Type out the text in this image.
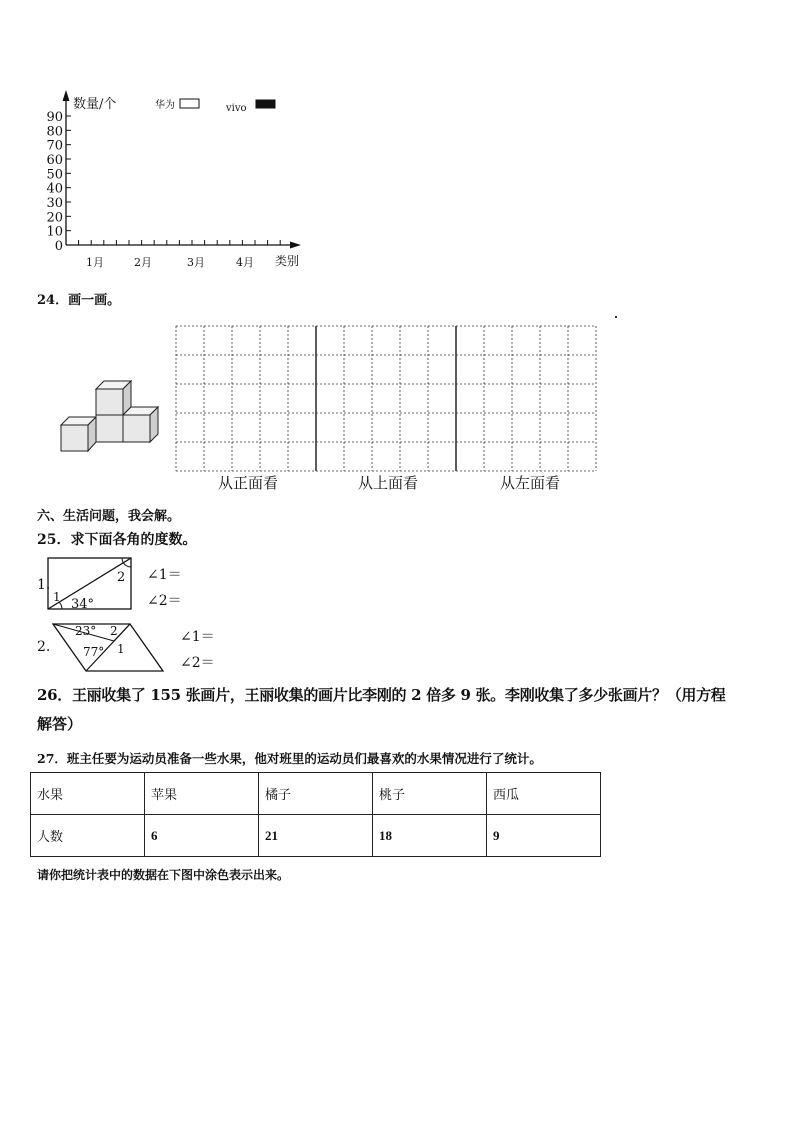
数量/个
类别
华为	vivo
0
10
20
30
40
50
60
70
80
90
1月	2月	3月	4月
24．画一画。
从正面看	从上面看	从左面看
六、生活问题，我会解。
25．求下面各角的度数。
1.	2
1 34°
∠1＝
∠2＝
2.
23° 2
77° 1
∠1＝
∠2＝
26．王丽收集了 155 张画片，王丽收集的画片比李刚的 2 倍多 9 张。李刚收集了多少张画片？（用方程
解答）
27．班主任要为运动员准备一些水果，他对班里的运动员们最喜欢的水果情况进行了统计。
水果	苹果	橘子	桃子	西瓜
人数	6	21	18	9
请你把统计表中的数据在下图中涂色表示出来。
